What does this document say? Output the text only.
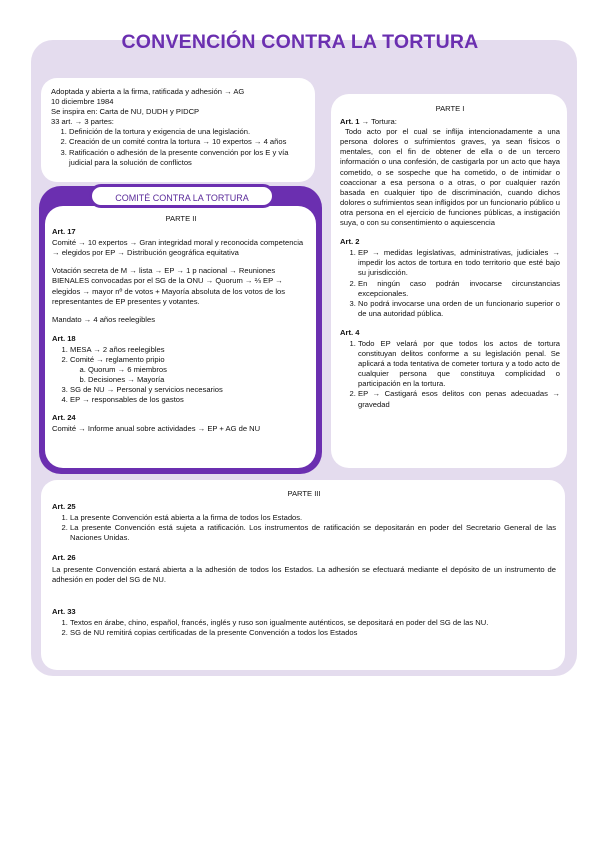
CONVENCIÓN CONTRA LA TORTURA

Adoptada y abierta a la firma, ratificada y adhesión → AG

10 diciembre 1984

Se inspira en: Carta de NU, DUDH y PIDCP

33 art. → 3 partes:

1. Definición de la tortura y exigencia de una legislación.
2. Creación de un comité contra la tortura → 10 expertos → 4 años
3. Ratificación o adhesión de la presente convención por los E y vía judicial para la solución de conflictos

PARTE I

Art. 1 → Tortura:

Todo acto por el cual se inflija intencionadamente a una persona dolores o sufrimientos graves, ya sean físicos o mentales, con el fin de obtener de ella o de un tercero información o una confesión, de castigarla por un acto que haya cometido, o se sospeche que ha cometido, o de intimidar o coaccionar a esa persona o a otras, o por cualquier razón basada en cualquier tipo de discriminación, cuando dichos dolores o sufrimientos sean infligidos por un funcionario público u otra persona en el ejercicio de funciones públicas, a instigación suya, o con su consentimiento o aquiescencia

Art. 2

1. EP → medidas legislativas, administrativas, judiciales → impedir los actos de tortura en todo territorio que esté bajo su jurisdicción.
2. En ningún caso podrán invocarse circunstancias excepcionales.
3. No podrá invocarse una orden de un funcionario superior o de una autoridad pública.

Art. 4

1. Todo EP velará por que todos los actos de tortura constituyan delitos conforme a su legislación penal. Se aplicará a toda tentativa de cometer tortura y a todo acto de cualquier persona que constituya complicidad o participación en la tortura.
2. EP → Castigará esos delitos con penas adecuadas → gravedad

PARTE II

Art. 17

Comité → 10 expertos → Gran integridad moral y reconocida competencia → elegidos por EP → Distribución geográfica equitativa

Votación secreta de M → lista → EP → 1 p nacional → Reuniones BIENALES convocadas por el SG de la ONU → Quorum → ⅔ EP → elegidos → mayor nº de votos + Mayoría absoluta de los votos de los representantes de EP presentes y votantes.

Mandato → 4 años reelegibles

Art. 18

1. MESA → 2 años reelegibles
2. Comité → reglamento pripio
a. Quorum → 6 miembros
b. Decisiones → Mayoría
3. SG de NU → Personal y servicios necesarios
4. EP → responsables de los gastos

Art. 24

Comité → Informe anual sobre actividades → EP + AG de NU

COMITÉ CONTRA LA TORTURA

PARTE III

Art. 25

1. La presente Convención está abierta a la firma de todos los Estados.
2. La presente Convención está sujeta a ratificación. Los instrumentos de ratificación se depositarán en poder del Secretario General de las Naciones Unidas.

Art. 26

La presente Convención estará abierta a la adhesión de todos los Estados. La adhesión se efectuará mediante el depósito de un instrumento de adhesión en poder del SG de NU.

Art. 33

1. Textos en árabe, chino, español, francés, inglés y ruso son igualmente auténticos, se depositará en poder del SG de las NU.
2. SG de NU remitirá copias certificadas de la presente Convención a todos los Estados
